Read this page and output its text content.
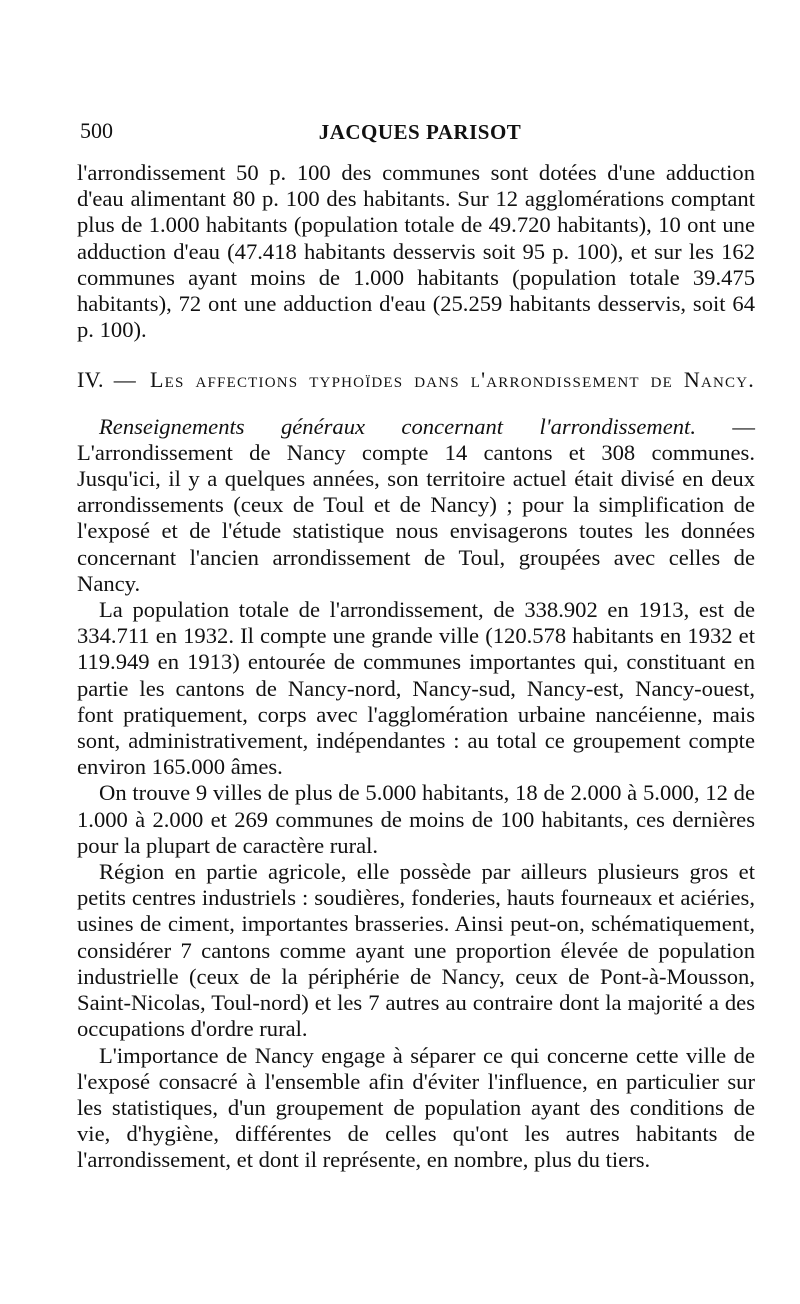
500	JACQUES PARISOT

l'arrondissement 50 p. 100 des communes sont dotées d'une adduction d'eau alimentant 80 p. 100 des habitants. Sur 12 agglomérations comptant plus de 1.000 habitants (population totale de 49.720 habitants), 10 ont une adduction d'eau (47.418 habitants desservis soit 95 p. 100), et sur les 162 communes ayant moins de 1.000 habitants (population totale 39.475 habitants), 72 ont une adduction d'eau (25.259 habitants desservis, soit 64 p. 100).

IV. — Les affections typhoïdes dans l'arrondissement de Nancy.

Renseignements généraux concernant l'arrondissement. — L'arrondissement de Nancy compte 14 cantons et 308 communes. Jusqu'ici, il y a quelques années, son territoire actuel était divisé en deux arrondissements (ceux de Toul et de Nancy) ; pour la simplification de l'exposé et de l'étude statistique nous envisagerons toutes les données concernant l'ancien arrondissement de Toul, groupées avec celles de Nancy.

La population totale de l'arrondissement, de 338.902 en 1913, est de 334.711 en 1932. Il compte une grande ville (120.578 habitants en 1932 et 119.949 en 1913) entourée de communes importantes qui, constituant en partie les cantons de Nancy-nord, Nancy-sud, Nancy-est, Nancy-ouest, font pratiquement, corps avec l'agglomération urbaine nancéienne, mais sont, administrativement, indépendantes : au total ce groupement compte environ 165.000 âmes.

On trouve 9 villes de plus de 5.000 habitants, 18 de 2.000 à 5.000, 12 de 1.000 à 2.000 et 269 communes de moins de 100 habitants, ces dernières pour la plupart de caractère rural.

Région en partie agricole, elle possède par ailleurs plusieurs gros et petits centres industriels : soudières, fonderies, hauts fourneaux et aciéries, usines de ciment, importantes brasseries. Ainsi peut-on, schématiquement, considérer 7 cantons comme ayant une proportion élevée de population industrielle (ceux de la périphérie de Nancy, ceux de Pont-à-Mousson, Saint-Nicolas, Toul-nord) et les 7 autres au contraire dont la majorité a des occupations d'ordre rural.

L'importance de Nancy engage à séparer ce qui concerne cette ville de l'exposé consacré à l'ensemble afin d'éviter l'influence, en particulier sur les statistiques, d'un groupement de population ayant des conditions de vie, d'hygiène, différentes de celles qu'ont les autres habitants de l'arrondissement, et dont il représente, en nombre, plus du tiers.
